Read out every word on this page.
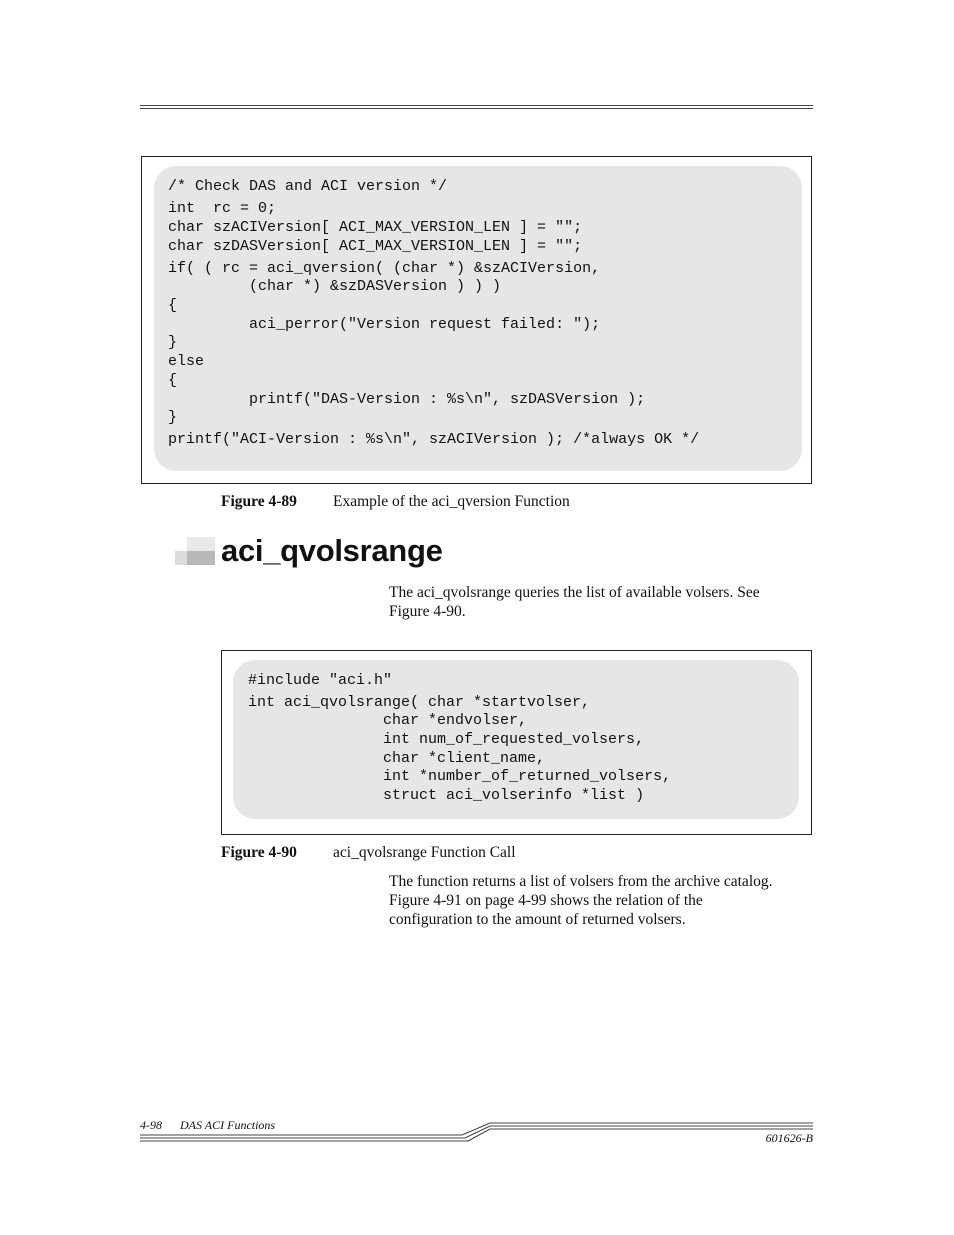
/* Check DAS and ACI version */
int  rc = 0;
char szACIVersion[ ACI_MAX_VERSION_LEN ] = "";
char szDASVersion[ ACI_MAX_VERSION_LEN ] = "";
if( ( rc = aci_qversion( (char *) &szACIVersion,
(char *) &szDASVersion ) ) )
{
aci_perror("Version request failed: ");
}
else
{
printf("DAS-Version : %s\n", szDASVersion );
}
printf("ACI-Version : %s\n", szACIVersion ); /*always OK */
Figure 4-89 Example of the aci_qversion Function
aci_qvolsrange
The aci_qvolsrange queries the list of available volsers. See
Figure 4-90.
#include "aci.h"
int aci_qvolsrange( char *startvolser,
char *endvolser,
int num_of_requested_volsers,
char *client_name,
int *number_of_returned_volsers,
struct aci_volserinfo *list )
Figure 4-90 aci_qvolsrange Function Call
The function returns a list of volsers from the archive catalog.
Figure 4-91 on page 4-99 shows the relation of the
configuration to the amount of returned volsers.
4-98 DAS ACI Functions
601626-B
